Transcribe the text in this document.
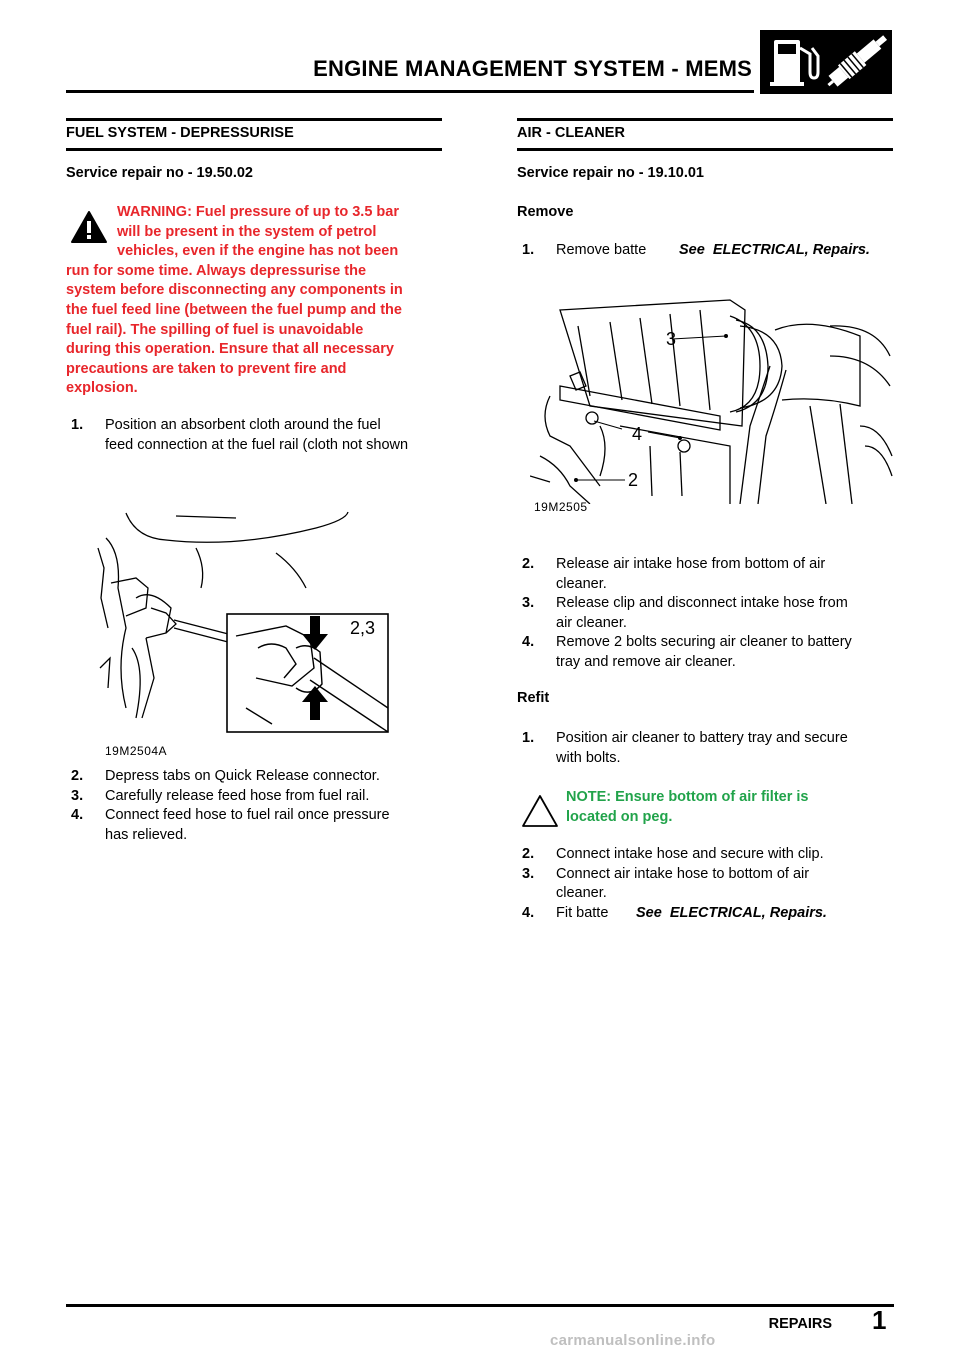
ENGINE MANAGEMENT SYSTEM - MEMS
FUEL SYSTEM - DEPRESSURISE
Service repair no - 19.50.02
WARNING: Fuel pressure of up to 3.5 bar
will be present in the system of petrol
vehicles, even if the engine has not been
run for some time. Always depressurise the
system before disconnecting any components in
the fuel feed line (between the fuel pump and the
fuel rail). The spilling of fuel is unavoidable
during this operation. Ensure that all necessary
precautions are taken to prevent fire and
explosion.
1. Position an absorbent cloth around the fuel
feed connection at the fuel rail (cloth not shown
2,3
19M2504A
2. Depress tabs on Quick Release connector.
3. Carefully release feed hose from fuel rail.
4. Connect feed hose to fuel rail once pressure
has relieved.
AIR - CLEANER
Service repair no - 19.10.01
Remove
1. Remove batte See  ELECTRICAL, Repairs.
3
4
2
19M2505
2. Release air intake hose from bottom of air
cleaner.
3. Release clip and disconnect intake hose from
air cleaner.
4. Remove 2 bolts securing air cleaner to battery
tray and remove air cleaner.
Refit
1. Position air cleaner to battery tray and secure
with bolts.
NOTE: Ensure bottom of air filter is
located on peg.
2. Connect intake hose and secure with clip.
3. Connect air intake hose to bottom of air
cleaner.
4. Fit batte See  ELECTRICAL, Repairs.
REPAIRS 1
carmanualsonline.info
